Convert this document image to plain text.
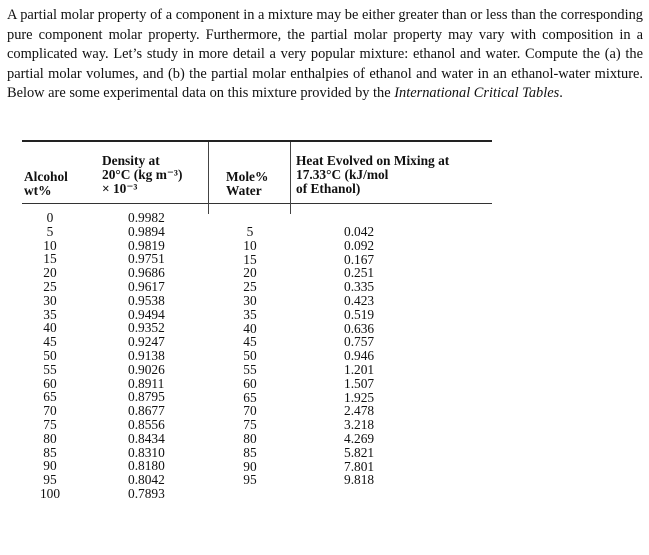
A partial molar property of a component in a mixture may be either greater than or less than the corresponding pure component molar property. Furthermore, the partial molar property may vary with composition in a complicated way. Let’s study in more detail a very popular mixture: ethanol and water. Compute the (a) the partial molar volumes, and (b) the partial molar enthalpies of ethanol and water in an ethanol-water mixture. Below are some experimental data on this mixture provided by the International Critical Tables.

Alcohol
wt%
Density at
20°C (kg m⁻³)
× 10⁻³
Mole%
Water
Heat Evolved on Mixing at
17.33°C (kJ/mol
of Ethanol)
0
5
10
15
20
25
30
35
40
45
50
55
60
65
70
75
80
85
90
95
100
0.9982
0.9894
0.9819
0.9751
0.9686
0.9617
0.9538
0.9494
0.9352
0.9247
0.9138
0.9026
0.8911
0.8795
0.8677
0.8556
0.8434
0.8310
0.8180
0.8042
0.7893
5
10
15
20
25
30
35
40
45
50
55
60
65
70
75
80
85
90
95
0.042
0.092
0.167
0.251
0.335
0.423
0.519
0.636
0.757
0.946
1.201
1.507
1.925
2.478
3.218
4.269
5.821
7.801
9.818
